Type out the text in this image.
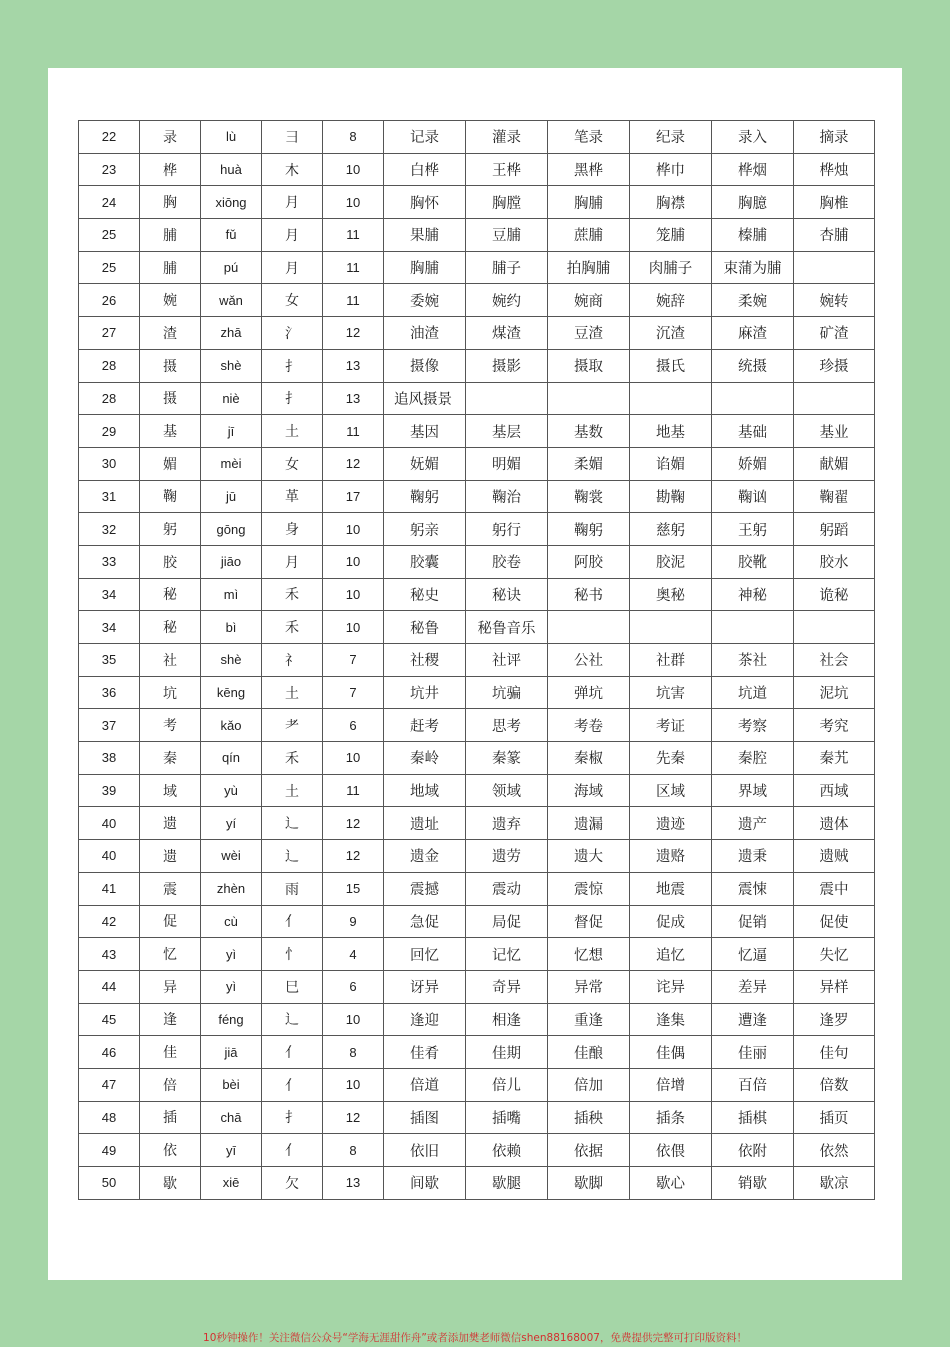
22	录	lù	彐	8	记录	灌录	笔录	纪录	录入	摘录
23	桦	huà	木	10	白桦	王桦	黑桦	桦巾	桦烟	桦烛
24	胸	xiōng	月	10	胸怀	胸膛	胸脯	胸襟	胸臆	胸椎
25	脯	fǔ	月	11	果脯	豆脯	蔗脯	笼脯	榛脯	杏脯
25	脯	pú	月	11	胸脯	脯子	拍胸脯	肉脯子	束蒲为脯	
26	婉	wǎn	女	11	委婉	婉约	婉商	婉辞	柔婉	婉转
27	渣	zhā	氵	12	油渣	煤渣	豆渣	沉渣	麻渣	矿渣
28	摄	shè	扌	13	摄像	摄影	摄取	摄氏	统摄	珍摄
28	摄	niè	扌	13	追风摄景					
29	基	jī	土	11	基因	基层	基数	地基	基础	基业
30	媚	mèi	女	12	妩媚	明媚	柔媚	谄媚	娇媚	献媚
31	鞠	jū	革	17	鞠躬	鞠治	鞠裳	勘鞠	鞠讻	鞠翟
32	躬	gōng	身	10	躬亲	躬行	鞠躬	慈躬	王躬	躬蹈
33	胶	jiāo	月	10	胶囊	胶卷	阿胶	胶泥	胶靴	胶水
34	秘	mì	禾	10	秘史	秘诀	秘书	奥秘	神秘	诡秘
34	秘	bì	禾	10	秘鲁	秘鲁音乐				
35	社	shè	礻	7	社稷	社评	公社	社群	茶社	社会
36	坑	kēng	土	7	坑井	坑骗	弹坑	坑害	坑道	泥坑
37	考	kǎo	耂	6	赶考	思考	考卷	考证	考察	考究
38	秦	qín	禾	10	秦岭	秦篆	秦椒	先秦	秦腔	秦艽
39	域	yù	土	11	地域	领域	海域	区域	界域	西域
40	遗	yí	辶	12	遗址	遗弃	遗漏	遗迹	遗产	遗体
40	遗	wèi	辶	12	遗金	遗劳	遗大	遗赂	遗秉	遗贼
41	震	zhèn	雨	15	震撼	震动	震惊	地震	震悚	震中
42	促	cù	亻	9	急促	局促	督促	促成	促销	促使
43	忆	yì	忄	4	回忆	记忆	忆想	追忆	忆逼	失忆
44	异	yì	巳	6	讶异	奇异	异常	诧异	差异	异样
45	逢	féng	辶	10	逢迎	相逢	重逢	逢集	遭逢	逢罗
46	佳	jiā	亻	8	佳肴	佳期	佳酿	佳偶	佳丽	佳句
47	倍	bèi	亻	10	倍道	倍儿	倍加	倍增	百倍	倍数
48	插	chā	扌	12	插图	插嘴	插秧	插条	插棋	插页
49	依	yī	亻	8	依旧	依赖	依据	依偎	依附	依然
50	歇	xiē	欠	13	间歇	歇腿	歇脚	歇心	销歇	歇凉
10秒钟操作！关注微信公众号“学海无涯甜作舟”或者添加樊老师微信shen88168007，免费提供完整可打印版资料！
